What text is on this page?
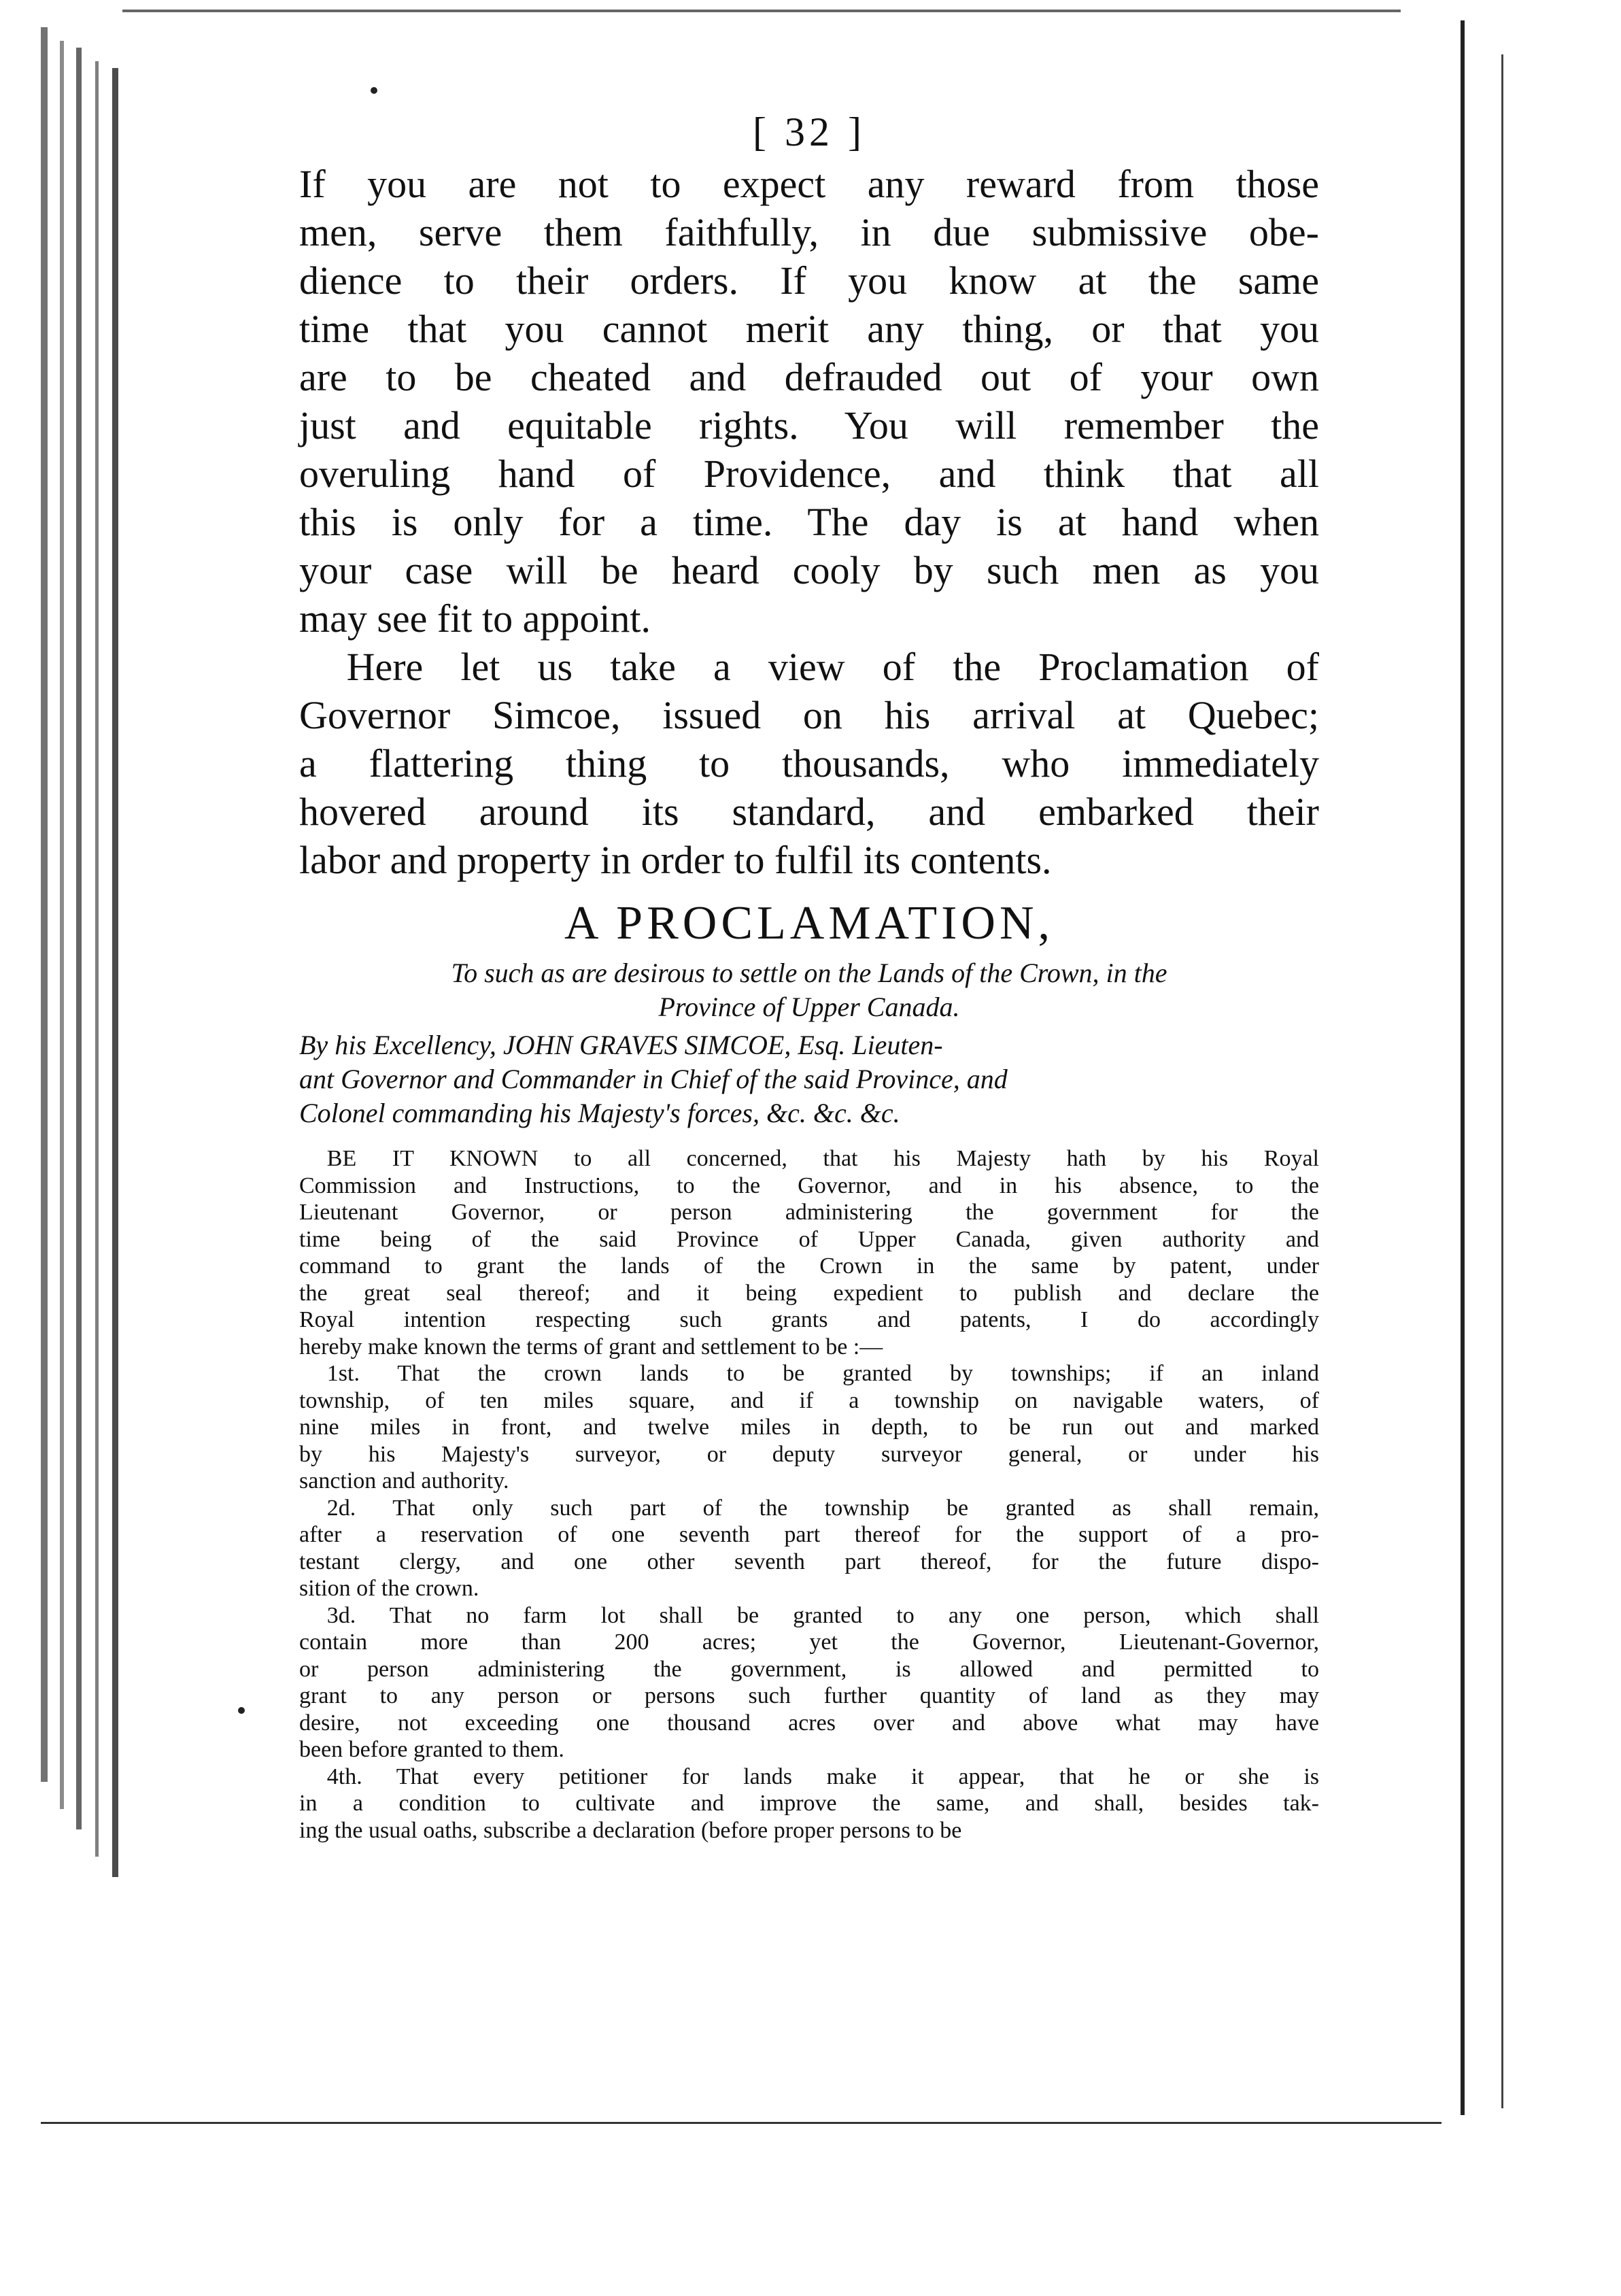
[ 32 ]
If you are not to expect any reward from those
men, serve them faithfully, in due submissive obe-
dience to their orders. If you know at the same
time that you cannot merit any thing, or that you
are to be cheated and defrauded out of your own
just and equitable rights. You will remember the
overuling hand of Providence, and think that all
this is only for a time. The day is at hand when
your case will be heard cooly by such men as you
may see fit to appoint.
Here let us take a view of the Proclamation of
Governor Simcoe, issued on his arrival at Quebec;
a flattering thing to thousands, who immediately
hovered around its standard, and embarked their
labor and property in order to fulfil its contents.
A PROCLAMATION,
To such as are desirous to settle on the Lands of the Crown, in the
Province of Upper Canada.
By his Excellency, JOHN GRAVES SIMCOE, Esq. Lieuten-
ant Governor and Commander in Chief of the said Province, and
Colonel commanding his Majesty's forces, &c. &c. &c.
BE IT KNOWN to all concerned, that his Majesty hath by his Royal
Commission and Instructions, to the Governor, and in his absence, to the
Lieutenant Governor, or person administering the government for the
time being of the said Province of Upper Canada, given authority and
command to grant the lands of the Crown in the same by patent, under
the great seal thereof; and it being expedient to publish and declare the
Royal intention respecting such grants and patents, I do accordingly
hereby make known the terms of grant and settlement to be :—
1st. That the crown lands to be granted by townships; if an inland
township, of ten miles square, and if a township on navigable waters, of
nine miles in front, and twelve miles in depth, to be run out and marked
by his Majesty's surveyor, or deputy surveyor general, or under his
sanction and authority.
2d. That only such part of the township be granted as shall remain,
after a reservation of one seventh part thereof for the support of a pro-
testant clergy, and one other seventh part thereof, for the future dispo-
sition of the crown.
3d. That no farm lot shall be granted to any one person, which shall
contain more than 200 acres; yet the Governor, Lieutenant-Governor,
or person administering the government, is allowed and permitted to
grant to any person or persons such further quantity of land as they may
desire, not exceeding one thousand acres over and above what may have
been before granted to them.
4th. That every petitioner for lands make it appear, that he or she is
in a condition to cultivate and improve the same, and shall, besides tak-
ing the usual oaths, subscribe a declaration (before proper persons to be
